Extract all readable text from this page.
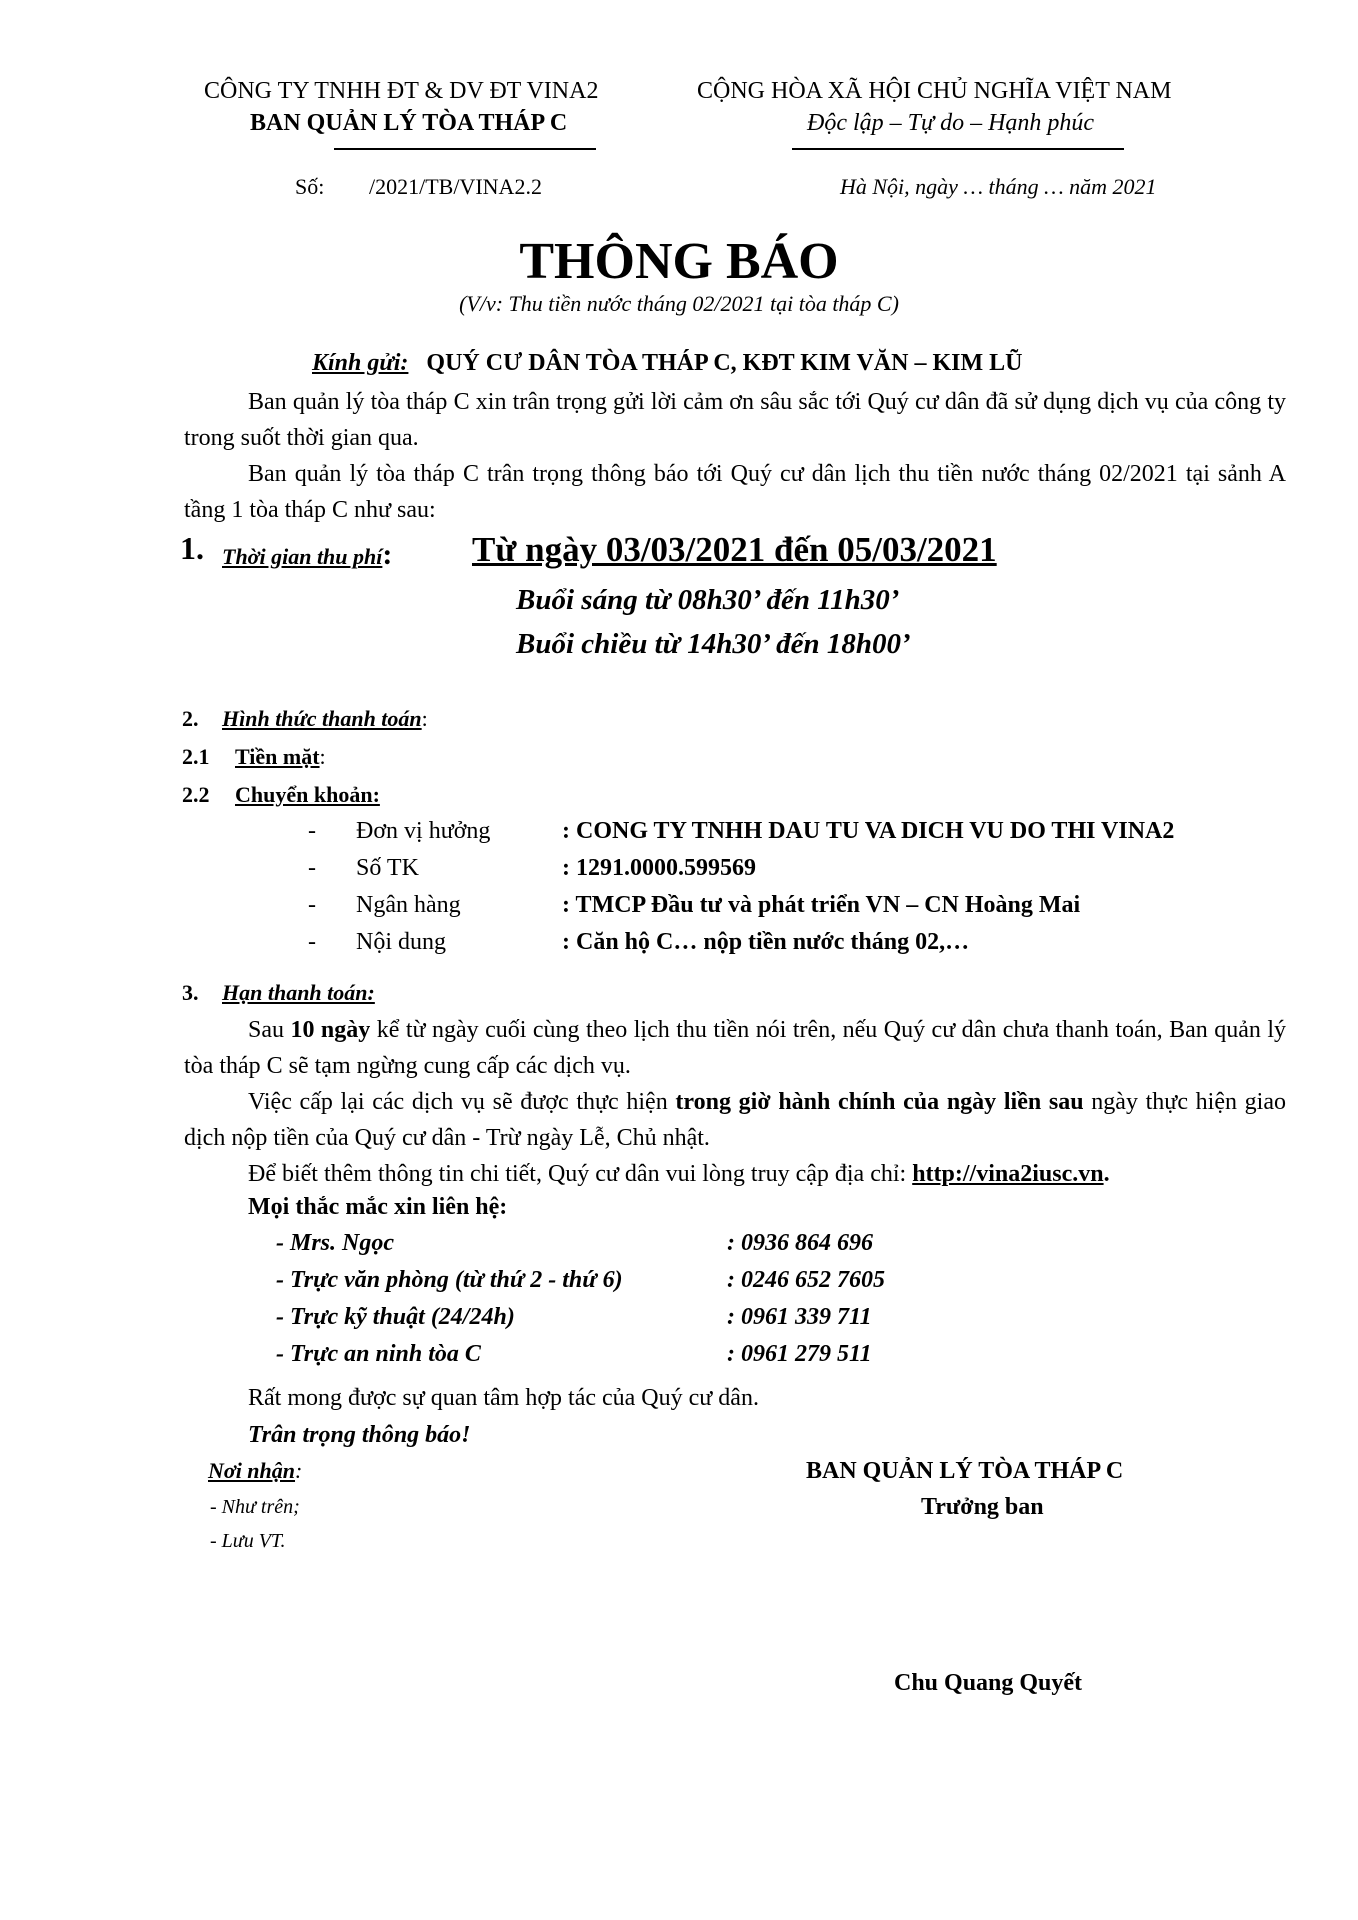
CÔNG TY TNHH ĐT & DV ĐT VINA2
BAN QUẢN LÝ TÒA THÁP C
CỘNG HÒA XÃ HỘI CHỦ NGHĨA VIỆT NAM
Độc lập – Tự do – Hạnh phúc
Số: /2021/TB/VINA2.2	Hà Nội, ngày … tháng … năm 2021
THÔNG BÁO
(V/v: Thu tiền nước tháng 02/2021 tại tòa tháp C)
Kính gửi: QUÝ CƯ DÂN TÒA THÁP C, KĐT KIM VĂN – KIM LŨ
Ban quản lý tòa tháp C xin trân trọng gửi lời cảm ơn sâu sắc tới Quý cư dân đã sử dụng dịch vụ của công ty trong suốt thời gian qua.
Ban quản lý tòa tháp C trân trọng thông báo tới Quý cư dân lịch thu tiền nước tháng 02/2021 tại sảnh A tầng 1 tòa tháp C như sau:
1. Thời gian thu phí: Từ ngày 03/03/2021 đến 05/03/2021
Buổi sáng từ 08h30’ đến 11h30’
Buổi chiều từ 14h30’ đến 18h00’
2. Hình thức thanh toán:
2.1 Tiền mặt:
2.2 Chuyển khoản:
- Đơn vị hưởng	: CONG TY TNHH DAU TU VA DICH VU DO THI VINA2
- Số TK	: 1291.0000.599569
- Ngân hàng	: TMCP Đầu tư và phát triển VN – CN Hoàng Mai
- Nội dung	: Căn hộ C… nộp tiền nước tháng 02,…
3. Hạn thanh toán:
Sau 10 ngày kể từ ngày cuối cùng theo lịch thu tiền nói trên, nếu Quý cư dân chưa thanh toán, Ban quản lý tòa tháp C sẽ tạm ngừng cung cấp các dịch vụ.
Việc cấp lại các dịch vụ sẽ được thực hiện trong giờ hành chính của ngày liền sau ngày thực hiện giao dịch nộp tiền của Quý cư dân - Trừ ngày Lễ, Chủ nhật.
Để biết thêm thông tin chi tiết, Quý cư dân vui lòng truy cập địa chỉ: http://vina2iusc.vn.
Mọi thắc mắc xin liên hệ:
- Mrs. Ngọc	: 0936 864 696
- Trực văn phòng (từ thứ 2 - thứ 6)	: 0246 652 7605
- Trực kỹ thuật (24/24h)	: 0961 339 711
- Trực an ninh tòa C	: 0961 279 511
Rất mong được sự quan tâm hợp tác của Quý cư dân.
Trân trọng thông báo!
Nơi nhận:
- Như trên;
- Lưu VT.
BAN QUẢN LÝ TÒA THÁP C
Trưởng ban
Chu Quang Quyết
